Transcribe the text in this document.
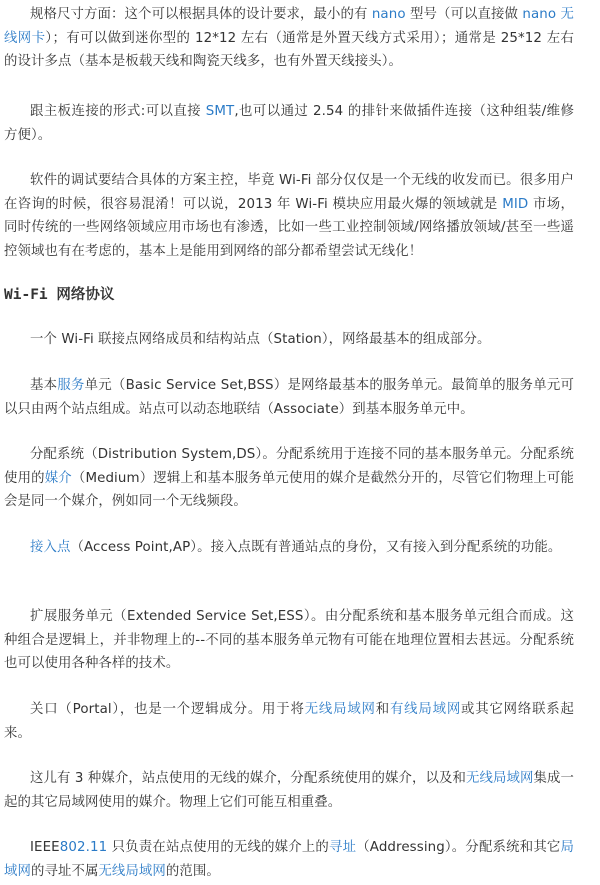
规格尺寸方面：这个可以根据具体的设计要求，最小的有 nano 型号（可以直接做 nano 无线网卡）；有可以做到迷你型的 12*12 左右（通常是外置天线方式采用）；通常是 25*12 左右的设计多点（基本是板载天线和陶瓷天线多，也有外置天线接头）。

跟主板连接的形式:可以直接 SMT,也可以通过 2.54 的排针来做插件连接（这种组装/维修方便）。

软件的调试要结合具体的方案主控，毕竟 Wi-Fi 部分仅仅是一个无线的收发而已。很多用户在咨询的时候，很容易混淆！可以说，2013 年 Wi-Fi 模块应用最火爆的领域就是 MID 市场，同时传统的一些网络领域应用市场也有渗透，比如一些工业控制领域/网络播放领域/甚至一些遥控领域也有在考虑的，基本上是能用到网络的部分都希望尝试无线化！

Wi-Fi 网络协议

一个 Wi-Fi 联接点网络成员和结构站点（Station），网络最基本的组成部分。

基本服务单元（Basic Service Set,BSS）是网络最基本的服务单元。最简单的服务单元可以只由两个站点组成。站点可以动态地联结（Associate）到基本服务单元中。

分配系统（Distribution System,DS）。分配系统用于连接不同的基本服务单元。分配系统使用的媒介（Medium）逻辑上和基本服务单元使用的媒介是截然分开的，尽管它们物理上可能会是同一个媒介，例如同一个无线频段。

接入点（Access Point,AP）。接入点既有普通站点的身份，又有接入到分配系统的功能。

扩展服务单元（Extended Service Set,ESS）。由分配系统和基本服务单元组合而成。这种组合是逻辑上，并非物理上的--不同的基本服务单元物有可能在地理位置相去甚远。分配系统也可以使用各种各样的技术。

关口（Portal），也是一个逻辑成分。用于将无线局域网和有线局域网或其它网络联系起来。

这儿有 3 种媒介，站点使用的无线的媒介，分配系统使用的媒介，以及和无线局域网集成一起的其它局域网使用的媒介。物理上它们可能互相重叠。

IEEE802.11 只负责在站点使用的无线的媒介上的寻址（Addressing）。分配系统和其它局域网的寻址不属无线局域网的范围。
